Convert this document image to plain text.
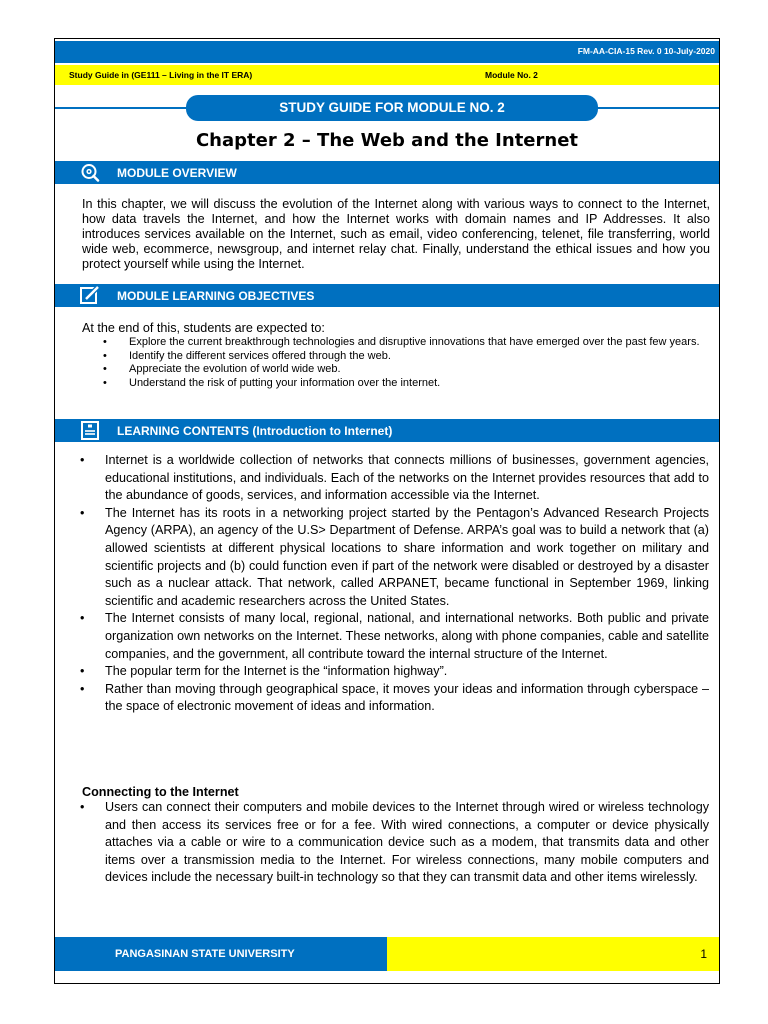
FM-AA-CIA-15 Rev. 0 10-July-2020
Study Guide in (GE111 – Living in the IT ERA)	Module No. 2
STUDY GUIDE FOR MODULE NO. 2
Chapter 2 – The Web and the Internet
MODULE OVERVIEW
In this chapter, we will discuss the evolution of the Internet along with various ways to connect to the Internet, how data travels the Internet, and how the Internet works with domain names and IP Addresses. It also introduces services available on the Internet, such as email, video conferencing, telenet, file transferring, world wide web, ecommerce, newsgroup, and internet relay chat. Finally, understand the ethical issues and how you protect yourself while using the Internet.
MODULE LEARNING OBJECTIVES
At the end of this, students are expected to:
• Explore the current breakthrough technologies and disruptive innovations that have emerged over the past few years.
• Identify the different services offered through the web.
• Appreciate the evolution of world wide web.
• Understand the risk of putting your information over the internet.
LEARNING CONTENTS (Introduction to Internet)
• Internet is a worldwide collection of networks that connects millions of businesses, government agencies, educational institutions, and individuals. Each of the networks on the Internet provides resources that add to the abundance of goods, services, and information accessible via the Internet.
• The Internet has its roots in a networking project started by the Pentagon’s Advanced Research Projects Agency (ARPA), an agency of the U.S> Department of Defense. ARPA’s goal was to build a network that (a) allowed scientists at different physical locations to share information and work together on military and scientific projects and (b) could function even if part of the network were disabled or destroyed by a disaster such as a nuclear attack. That network, called ARPANET, became functional in September 1969, linking scientific and academic researchers across the United States.
• The Internet consists of many local, regional, national, and international networks. Both public and private organization own networks on the Internet. These networks, along with phone companies, cable and satellite companies, and the government, all contribute toward the internal structure of the Internet.
• The popular term for the Internet is the “information highway”.
• Rather than moving through geographical space, it moves your ideas and information through cyberspace – the space of electronic movement of ideas and information.
Connecting to the Internet
• Users can connect their computers and mobile devices to the Internet through wired or wireless technology and then access its services free or for a fee. With wired connections, a computer or device physically attaches via a cable or wire to a communication device such as a modem, that transmits data and other items over a transmission media to the Internet. For wireless connections, many mobile computers and devices include the necessary built-in technology so that they can transmit data and other items wirelessly.
PANGASINAN STATE UNIVERSITY	1
